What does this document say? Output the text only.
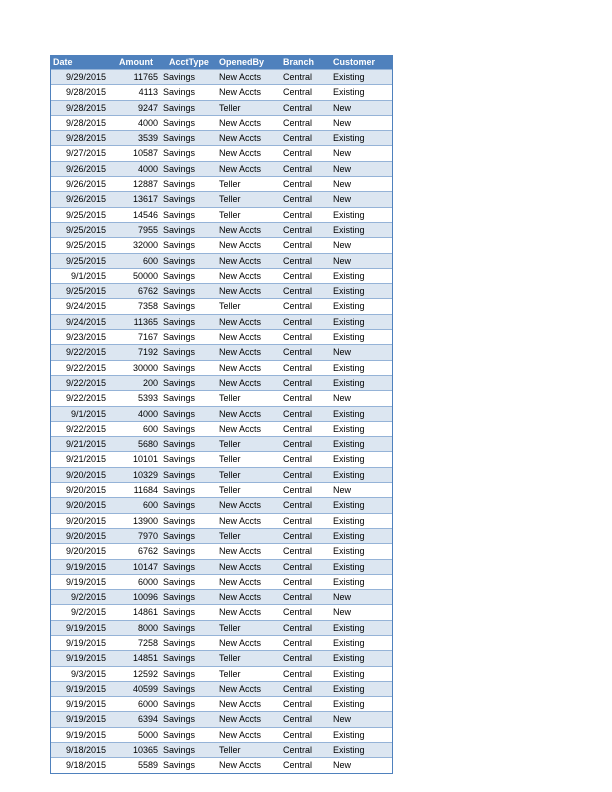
Date	Amount	AcctType	OpenedBy	Branch	Customer
9/29/2015	11765	Savings	New Accts	Central	Existing
9/28/2015	4113	Savings	New Accts	Central	Existing
9/28/2015	9247	Savings	Teller	Central	New
9/28/2015	4000	Savings	New Accts	Central	New
9/28/2015	3539	Savings	New Accts	Central	Existing
9/27/2015	10587	Savings	New Accts	Central	New
9/26/2015	4000	Savings	New Accts	Central	New
9/26/2015	12887	Savings	Teller	Central	New
9/26/2015	13617	Savings	Teller	Central	New
9/25/2015	14546	Savings	Teller	Central	Existing
9/25/2015	7955	Savings	New Accts	Central	Existing
9/25/2015	32000	Savings	New Accts	Central	New
9/25/2015	600	Savings	New Accts	Central	New
9/1/2015	50000	Savings	New Accts	Central	Existing
9/25/2015	6762	Savings	New Accts	Central	Existing
9/24/2015	7358	Savings	Teller	Central	Existing
9/24/2015	11365	Savings	New Accts	Central	Existing
9/23/2015	7167	Savings	New Accts	Central	Existing
9/22/2015	7192	Savings	New Accts	Central	New
9/22/2015	30000	Savings	New Accts	Central	Existing
9/22/2015	200	Savings	New Accts	Central	Existing
9/22/2015	5393	Savings	Teller	Central	New
9/1/2015	4000	Savings	New Accts	Central	Existing
9/22/2015	600	Savings	New Accts	Central	Existing
9/21/2015	5680	Savings	Teller	Central	Existing
9/21/2015	10101	Savings	Teller	Central	Existing
9/20/2015	10329	Savings	Teller	Central	Existing
9/20/2015	11684	Savings	Teller	Central	New
9/20/2015	600	Savings	New Accts	Central	Existing
9/20/2015	13900	Savings	New Accts	Central	Existing
9/20/2015	7970	Savings	Teller	Central	Existing
9/20/2015	6762	Savings	New Accts	Central	Existing
9/19/2015	10147	Savings	New Accts	Central	Existing
9/19/2015	6000	Savings	New Accts	Central	Existing
9/2/2015	10096	Savings	New Accts	Central	New
9/2/2015	14861	Savings	New Accts	Central	New
9/19/2015	8000	Savings	Teller	Central	Existing
9/19/2015	7258	Savings	New Accts	Central	Existing
9/19/2015	14851	Savings	Teller	Central	Existing
9/3/2015	12592	Savings	Teller	Central	Existing
9/19/2015	40599	Savings	New Accts	Central	Existing
9/19/2015	6000	Savings	New Accts	Central	Existing
9/19/2015	6394	Savings	New Accts	Central	New
9/19/2015	5000	Savings	New Accts	Central	Existing
9/18/2015	10365	Savings	Teller	Central	Existing
9/18/2015	5589	Savings	New Accts	Central	New
